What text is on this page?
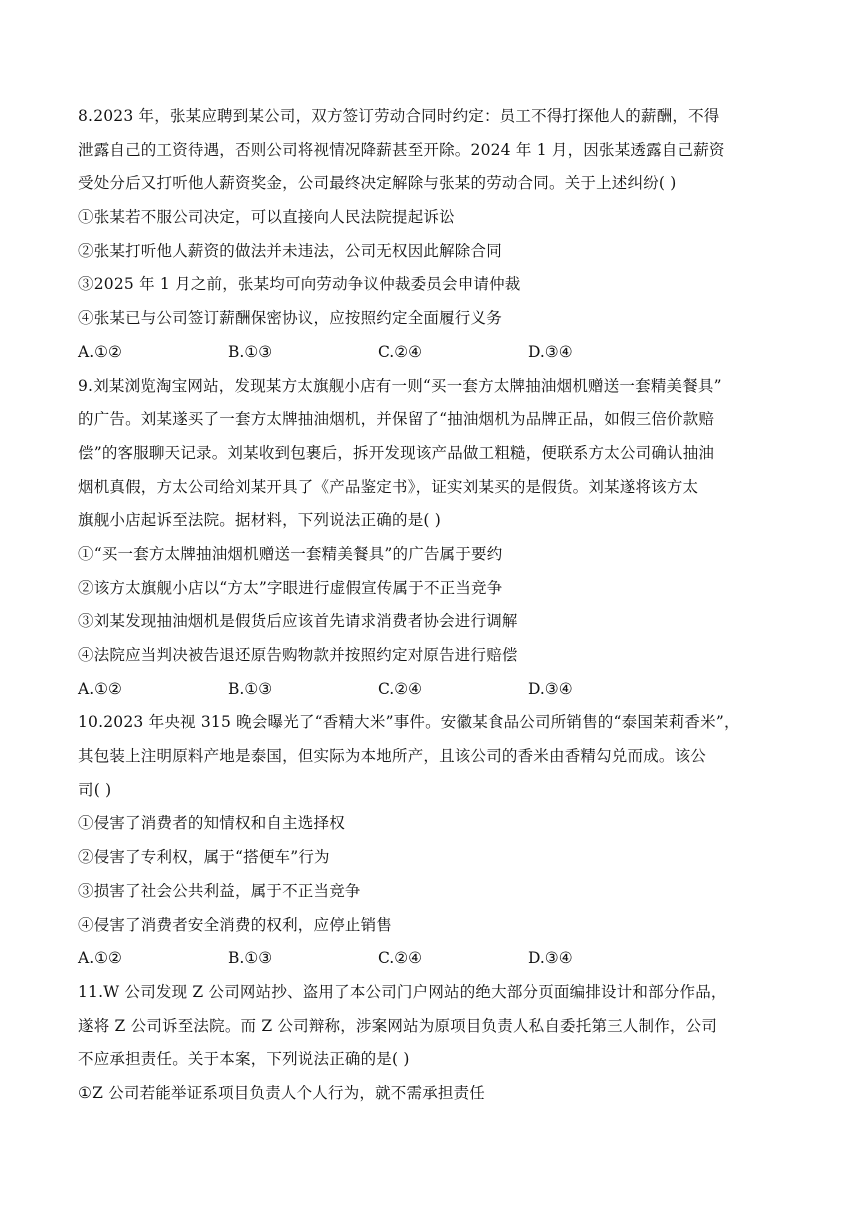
8.2023 年，张某应聘到某公司，双方签订劳动合同时约定：员工不得打探他人的薪酬，不得
泄露自己的工资待遇，否则公司将视情况降薪甚至开除。2024 年 1 月，因张某透露自己薪资
受处分后又打听他人薪资奖金，公司最终决定解除与张某的劳动合同。关于上述纠纷( )
①张某若不服公司决定，可以直接向人民法院提起诉讼
②张某打听他人薪资的做法并未违法，公司无权因此解除合同
③2025 年 1 月之前，张某均可向劳动争议仲裁委员会申请仲裁
④张某已与公司签订薪酬保密协议，应按照约定全面履行义务
A.①②	B.①③	C.②④	D.③④
9.刘某浏览淘宝网站，发现某方太旗舰小店有一则“买一套方太牌抽油烟机赠送一套精美餐具”
的广告。刘某遂买了一套方太牌抽油烟机，并保留了“抽油烟机为品牌正品，如假三倍价款赔
偿”的客服聊天记录。刘某收到包裹后，拆开发现该产品做工粗糙，便联系方太公司确认抽油
烟机真假，方太公司给刘某开具了《产品鉴定书》，证实刘某买的是假货。刘某遂将该方太
旗舰小店起诉至法院。据材料，下列说法正确的是( )
①“买一套方太牌抽油烟机赠送一套精美餐具”的广告属于要约
②该方太旗舰小店以“方太”字眼进行虚假宣传属于不正当竞争
③刘某发现抽油烟机是假货后应该首先请求消费者协会进行调解
④法院应当判决被告退还原告购物款并按照约定对原告进行赔偿
A.①②	B.①③	C.②④	D.③④
10.2023 年央视 315 晚会曝光了“香精大米”事件。安徽某食品公司所销售的“泰国茉莉香米”，
其包装上注明原料产地是泰国，但实际为本地所产，且该公司的香米由香精勾兑而成。该公
司( )
①侵害了消费者的知情权和自主选择权
②侵害了专利权，属于“搭便车”行为
③损害了社会公共利益，属于不正当竞争
④侵害了消费者安全消费的权利，应停止销售
A.①②	B.①③	C.②④	D.③④
11.W 公司发现 Z 公司网站抄、盗用了本公司门户网站的绝大部分页面编排设计和部分作品，
遂将 Z 公司诉至法院。而 Z 公司辩称，涉案网站为原项目负责人私自委托第三人制作，公司
不应承担责任。关于本案，下列说法正确的是( )
①Z 公司若能举证系项目负责人个人行为，就不需承担责任
